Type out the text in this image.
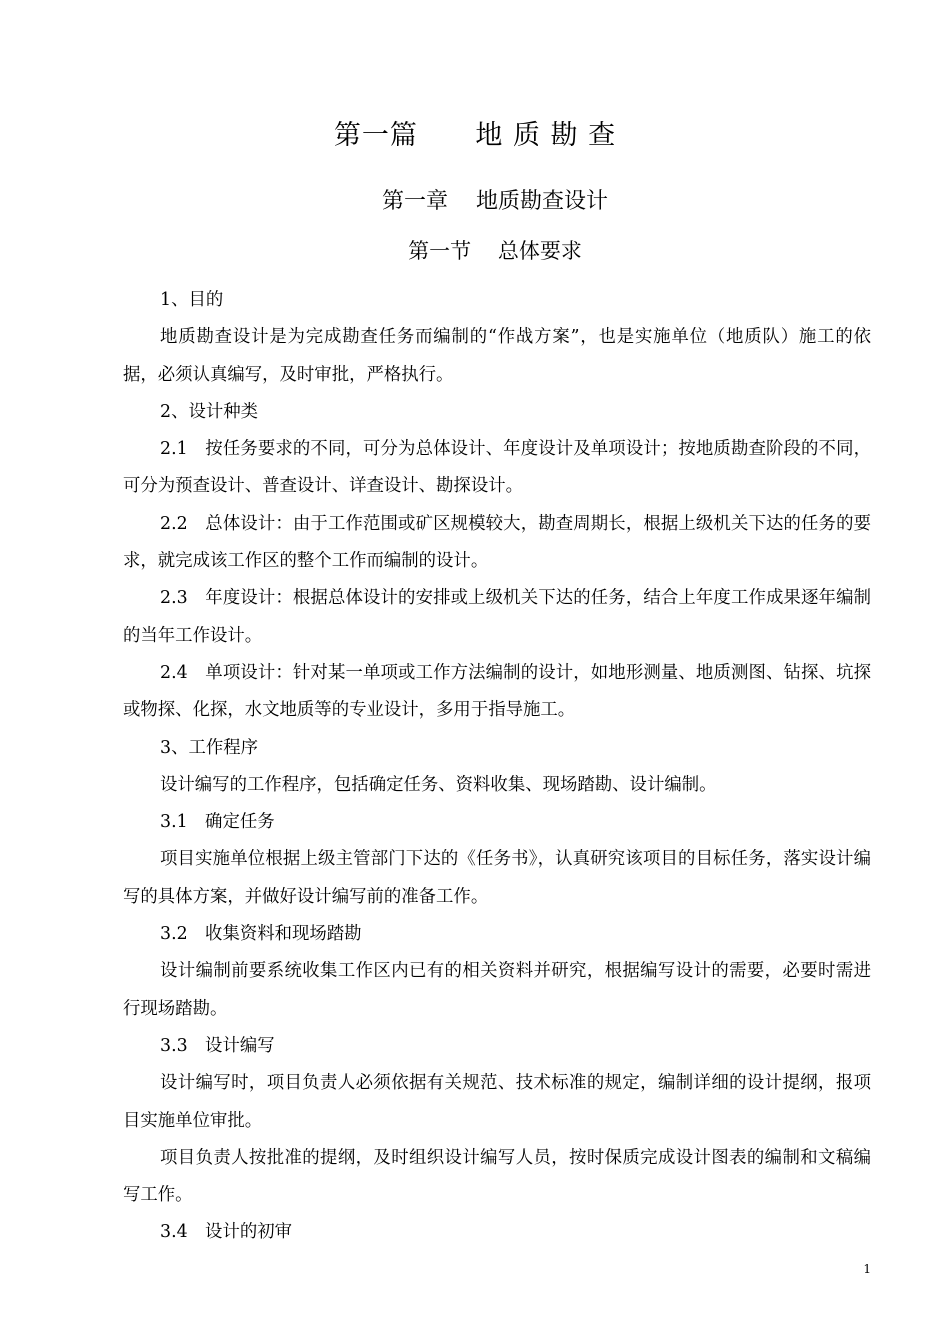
第一篇      地 质 勘 查
第一章    地质勘查设计
第一节    总体要求

1、目的

地质勘查设计是为完成勘查任务而编制的“作战方案”，也是实施单位（地质队）施工的依据，必须认真编写，及时审批，严格执行。

2、设计种类

2.1　按任务要求的不同，可分为总体设计、年度设计及单项设计；按地质勘查阶段的不同，可分为预查设计、普查设计、详查设计、勘探设计。

2.2　总体设计：由于工作范围或矿区规模较大，勘查周期长，根据上级机关下达的任务的要求，就完成该工作区的整个工作而编制的设计。

2.3　年度设计：根据总体设计的安排或上级机关下达的任务，结合上年度工作成果逐年编制的当年工作设计。

2.4　单项设计：针对某一单项或工作方法编制的设计，如地形测量、地质测图、钻探、坑探或物探、化探，水文地质等的专业设计，多用于指导施工。

3、工作程序

设计编写的工作程序，包括确定任务、资料收集、现场踏勘、设计编制。

3.1　确定任务

项目实施单位根据上级主管部门下达的《任务书》，认真研究该项目的目标任务，落实设计编写的具体方案，并做好设计编写前的准备工作。

3.2　收集资料和现场踏勘

设计编制前要系统收集工作区内已有的相关资料并研究，根据编写设计的需要，必要时需进行现场踏勘。

3.3　设计编写

设计编写时，项目负责人必须依据有关规范、技术标准的规定，编制详细的设计提纲，报项目实施单位审批。

项目负责人按批准的提纲，及时组织设计编写人员，按时保质完成设计图表的编制和文稿编写工作。

3.4　设计的初审

1
